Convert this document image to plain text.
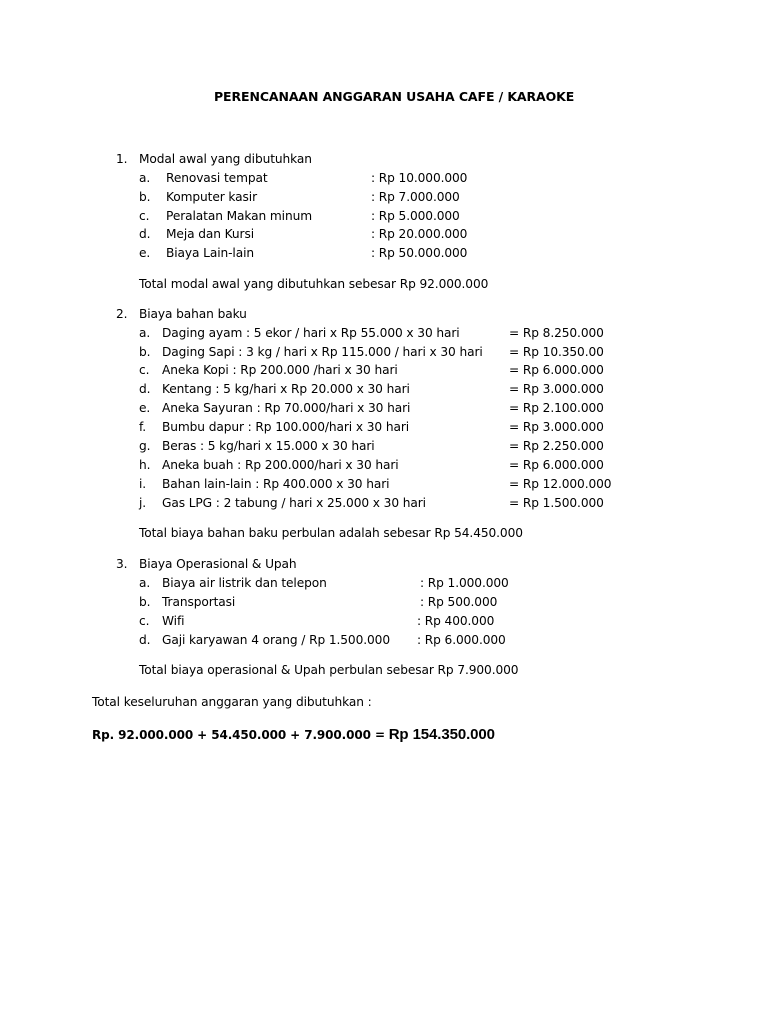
PERENCANAAN ANGGARAN USAHA CAFE / KARAOKE
1. Modal awal yang dibutuhkan
a. Renovasi tempat	: Rp 10.000.000
b. Komputer kasir	: Rp 7.000.000
c. Peralatan Makan minum	: Rp 5.000.000
d. Meja dan Kursi	: Rp 20.000.000
e. Biaya Lain-lain	: Rp 50.000.000
Total modal awal yang dibutuhkan sebesar Rp 92.000.000
2. Biaya bahan baku
a. Daging ayam : 5 ekor / hari x Rp 55.000 x 30 hari	= Rp 8.250.000
b. Daging Sapi : 3 kg / hari x Rp 115.000 / hari x 30 hari = Rp 10.350.00
c. Aneka Kopi : Rp 200.000 /hari x 30 hari	= Rp 6.000.000
d. Kentang : 5 kg/hari x Rp 20.000 x 30 hari	= Rp 3.000.000
e. Aneka Sayuran : Rp 70.000/hari x 30 hari	= Rp 2.100.000
f. Bumbu dapur : Rp 100.000/hari x 30 hari	= Rp 3.000.000
g. Beras : 5 kg/hari x 15.000 x 30 hari	= Rp 2.250.000
h. Aneka buah : Rp 200.000/hari x 30 hari	= Rp 6.000.000
i. Bahan lain-lain : Rp 400.000 x 30 hari	= Rp 12.000.000
j. Gas LPG : 2 tabung / hari x 25.000 x 30 hari	= Rp 1.500.000
Total biaya bahan baku perbulan adalah sebesar Rp 54.450.000
3. Biaya Operasional & Upah
a. Biaya air listrik dan telepon	: Rp 1.000.000
b. Transportasi	: Rp 500.000
c. Wifi	: Rp 400.000
d. Gaji karyawan 4 orang / Rp 1.500.000 : Rp 6.000.000
Total biaya operasional & Upah perbulan sebesar Rp 7.900.000
Total keseluruhan anggaran yang dibutuhkan :
Rp. 92.000.000 + 54.450.000 + 7.900.000 = Rp 154.350.000
